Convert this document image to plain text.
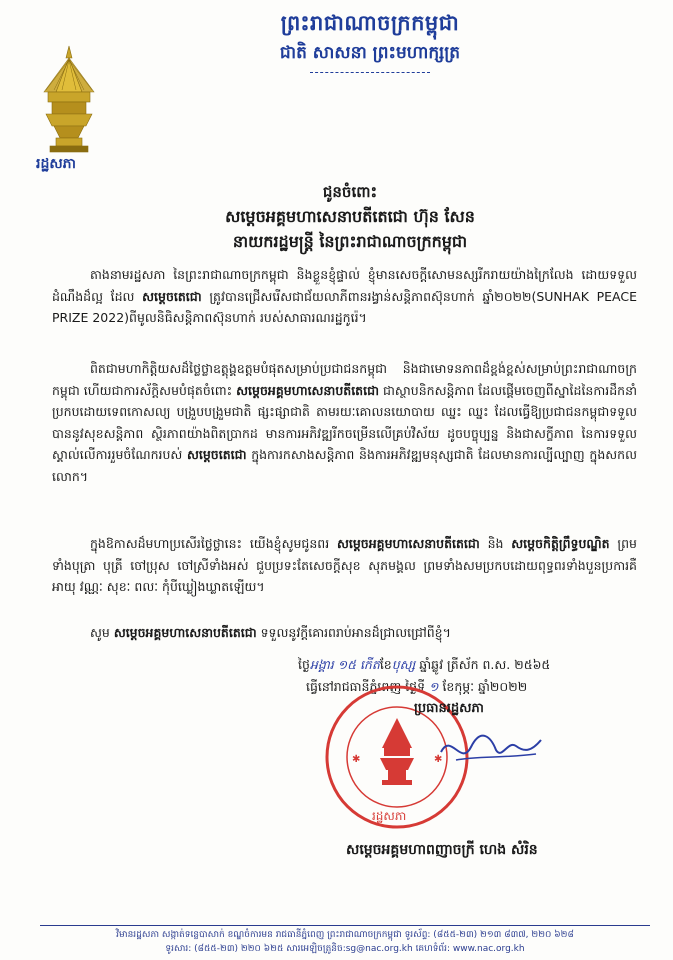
ព្រះរាជាណាចក្រកម្ពុជា
ជាតិ សាសនា ព្រះមហាក្សត្រ
រដ្ឋសភា
ជូនចំពោះ
សម្តេចអគ្គមហាសេនាបតីតេជោ ហ៊ុន សែន
នាយករដ្ឋមន្ត្រី នៃព្រះរាជាណាចក្រកម្ពុជា
តាងនាមរដ្ឋសភា នៃព្រះរាជាណាចក្រកម្ពុជា និងខ្លួនខ្ញុំផ្ទាល់ ខ្ញុំមានសេចក្តីសោមនស្សរីករាយយ៉ាងក្រៃលែង ដោយទទួលដំណឹងដ៏ល្អ ដែល សម្តេចតេជោ ត្រូវបានជ្រើសរើសជាជ័យលាភីពានរង្វាន់សន្តិភាពស៊ុនហាក់ ឆ្នាំ២០២២(SUNHAK PEACE PRIZE 2022)ពីមូលនិធិសន្តិភាពស៊ុនហាក់ របស់សាធារណរដ្ឋកូរ៉េ។
ពិតជាមហាកិត្តិយសដ៏ថ្លៃថ្លាឧត្តុង្គឧត្តមបំផុតសម្រាប់ប្រជាជនកម្ពុជា និងជាមោទនភាពដ៏ខ្ពង់ខ្ពស់សម្រាប់ព្រះរាជាណាចក្រកម្ពុជា ហើយជាការស័ក្តិសមបំផុតចំពោះ សម្តេចអគ្គមហាសេនាបតីតេជោ ជាស្ថាបនិកសន្តិភាព ដែលផ្តើមចេញពីស្នាដៃនៃការដឹកនាំប្រកបដោយទេពកោសល្យ បង្រួបបង្រួមជាតិ ផ្សះផ្សាជាតិ តាមរយៈគោលនយោបាយ ឈ្នះ ឈ្នះ ដែលធ្វើឱ្យប្រជាជនកម្ពុជាទទួលបាននូវសុខសន្តិភាព ស្ថិរភាពយ៉ាងពិតប្រាកដ មានការអភិវឌ្ឍរីកចម្រើនលើគ្រប់វិស័យ ដូចបច្ចុប្បន្ន និងជាសក្ខីភាព នៃការទទួលស្គាល់លើការរួមចំណែករបស់ សម្តេចតេជោ ក្នុងការកសាងសន្តិភាព និងការអភិវឌ្ឍមនុស្សជាតិ ដែលមានការល្បីល្បាញ ក្នុងសកលលោក។
ក្នុងឱកាសដ៏មហាប្រសើរថ្លៃថ្លានេះ យើងខ្ញុំសូមជូនពរ សម្តេចអគ្គមហាសេនាបតីតេជោ និង សម្តេចកិត្តិព្រឹទ្ធបណ្ឌិត ព្រមទាំងបុត្រា បុត្រី ចៅប្រុស ចៅស្រីទាំងអស់ ជួបប្រទះតែសេចក្តីសុខ សុភមង្គល ព្រមទាំងសមប្រកបដោយពុទ្ធពរទាំងបួនប្រការគឺ អាយុ វណ្ណៈ សុខៈ ពលៈ កុំបីឃ្លៀងឃ្លាតឡើយ។
សូម សម្តេចអគ្គមហាសេនាបតីតេជោ ទទួលនូវក្តីគោរពរាប់អានដ៏ជ្រាលជ្រៅពីខ្ញុំ។
ថ្ងៃអង្គារ ១៥ កើតខែបុស្ស ឆ្នាំឆ្លូវ ត្រីស័ក ព.ស. ២៥៦៥
ធ្វើនៅរាជធានីភ្នំពេញ ថ្ងៃទី ១ ខែកុម្ភៈ ឆ្នាំ២០២២
✱	✱
រដ្ឋសភា
ប្រធានរដ្ឋសភា
សម្តេចអគ្គមហាពញាចក្រី ហេង សំរិន
វិមានរដ្ឋសភា សង្កាត់ទន្លេបាសាក់ ខណ្ឌចំការមន រាជធានីភ្នំពេញ ព្រះរាជាណាចក្រកម្ពុជា ទូរស័ព្ទ: (៨៥៥-២៣) ២១៣ ៨៣៧, ២២០ ៦២៨
ទូរសារ: (៨៥៥-២៣) ២២០ ៦២៥ សារអេឡិចត្រូនិច:sg@nac.org.kh គេហទំព័រ: www.nac.org.kh
